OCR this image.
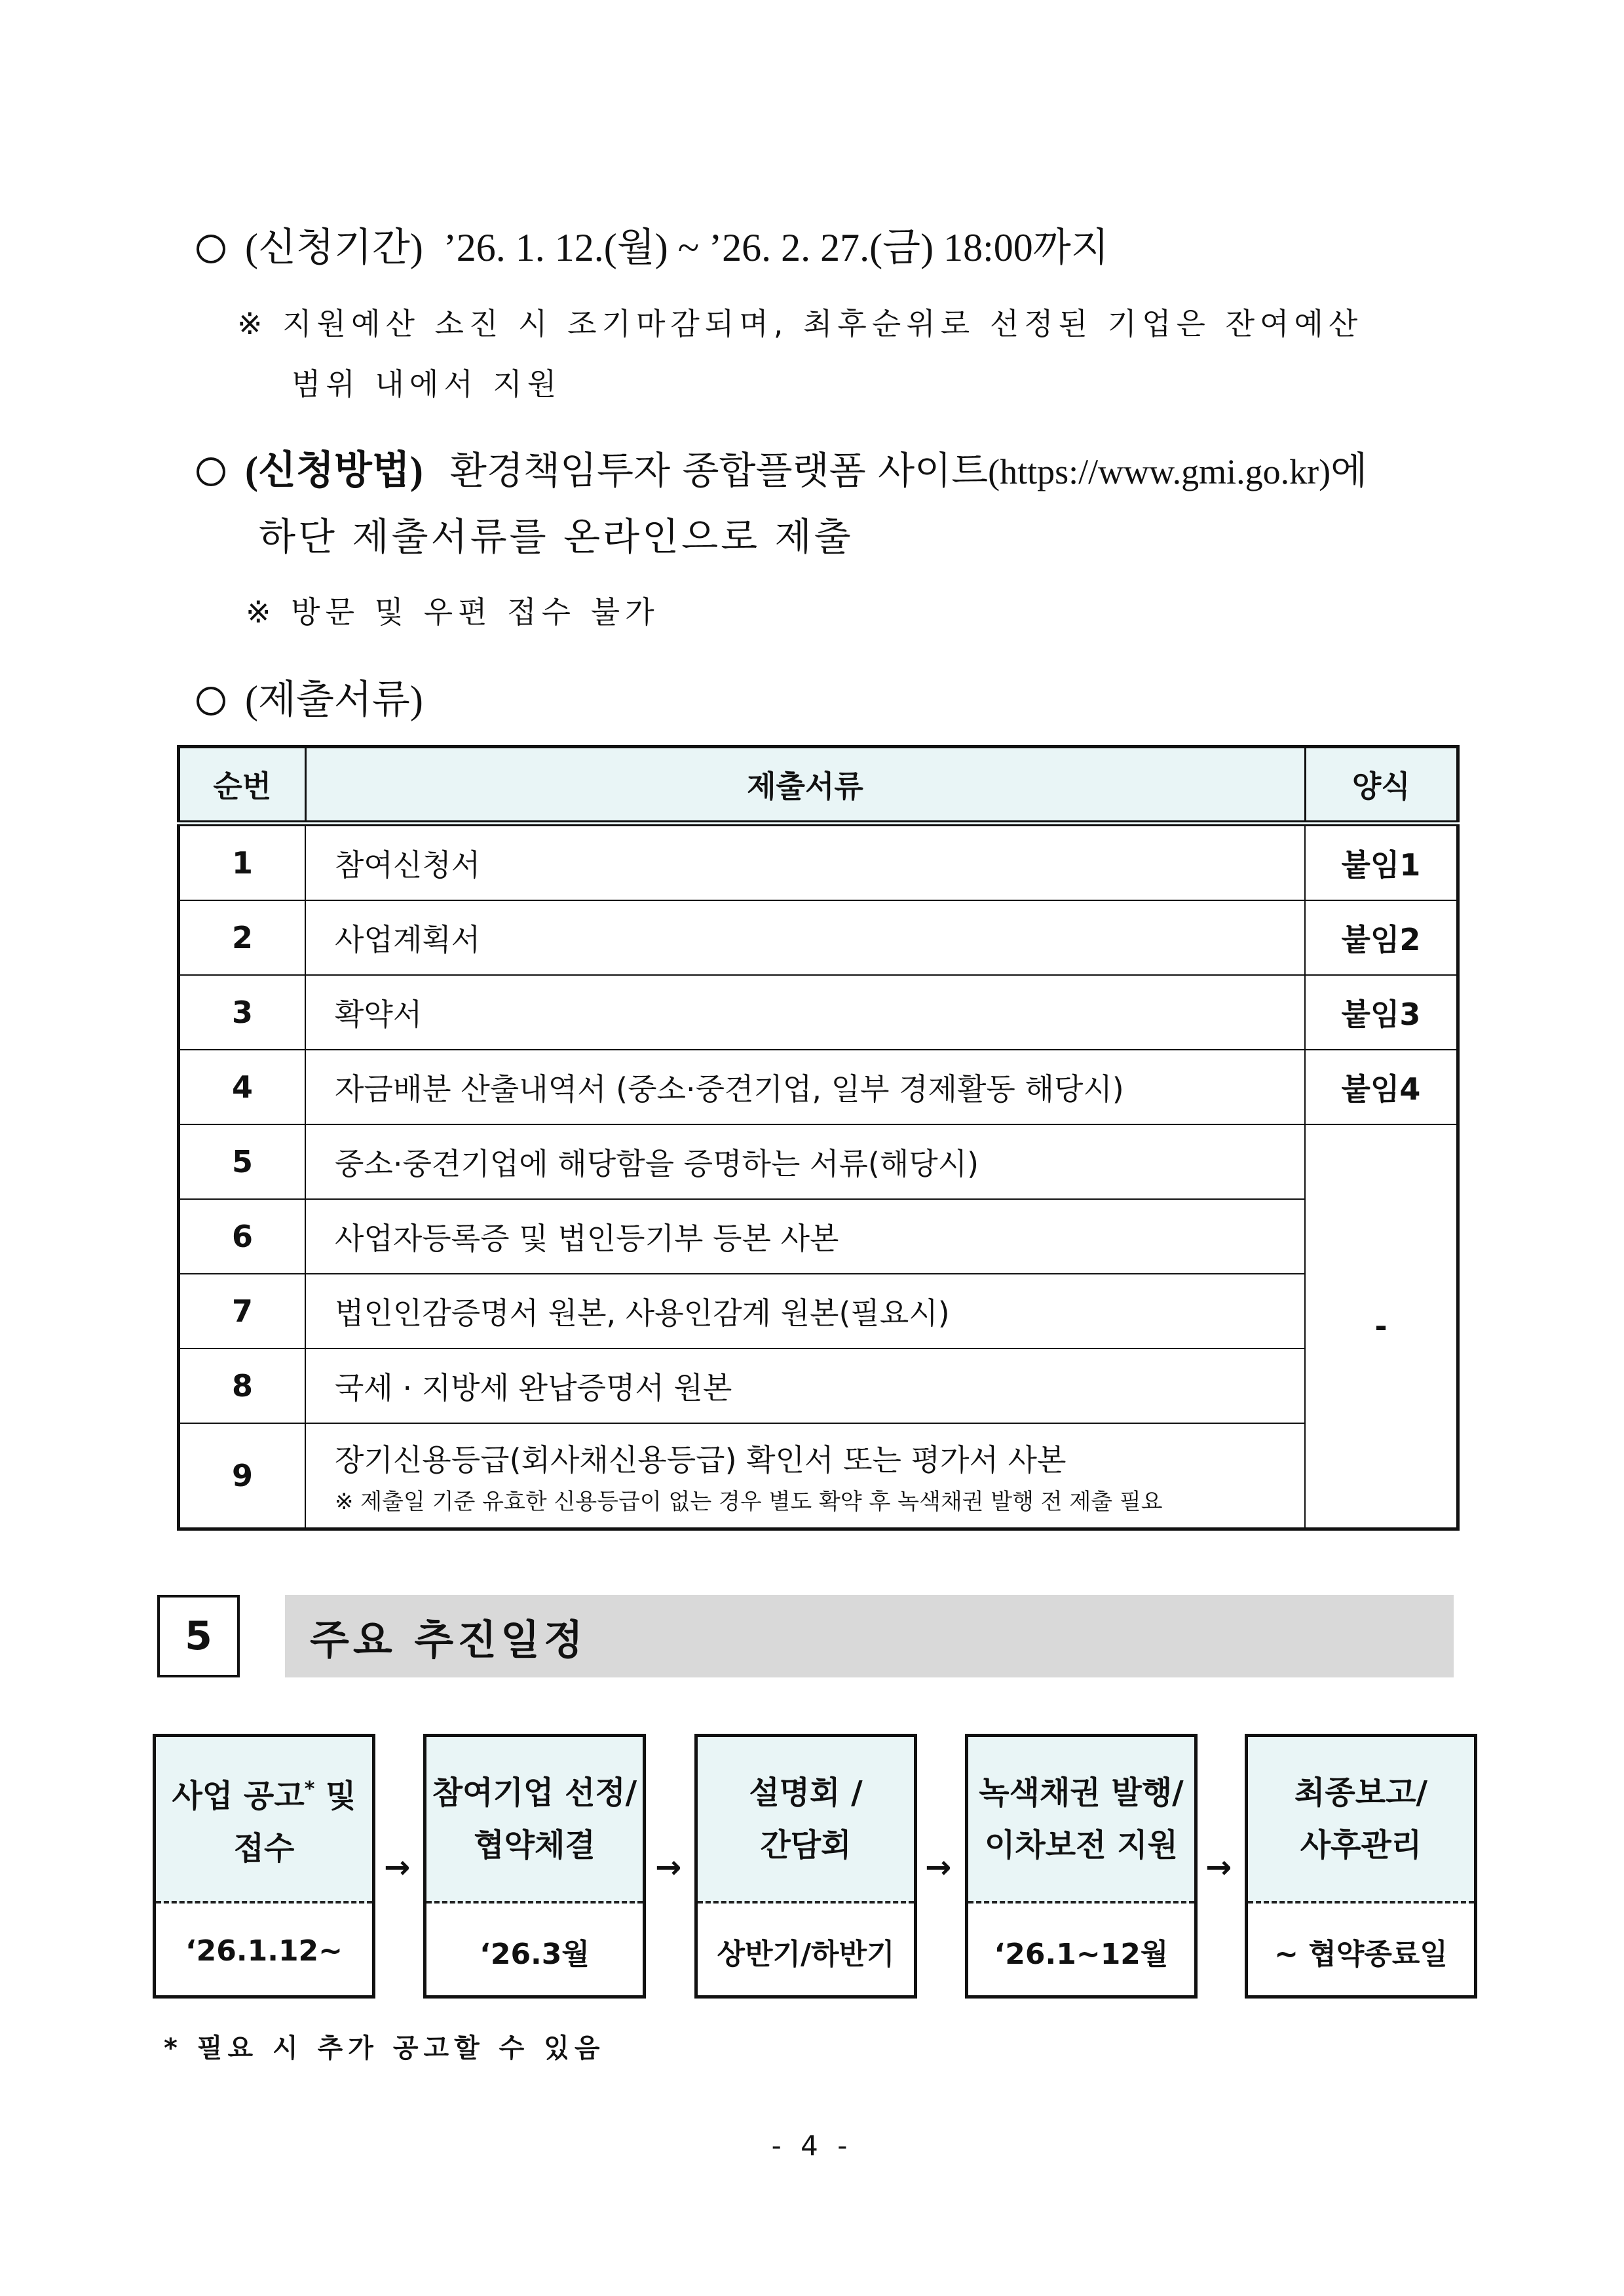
(신청기간) ’26. 1. 12.(월) ~ ’26. 2. 27.(금) 18:00까지
※ 지원예산 소진 시 조기마감되며, 최후순위로 선정된 기업은 잔여예산
범위 내에서 지원
(신청방법) 환경책임투자 종합플랫폼 사이트(https://www.gmi.go.kr)에
하단 제출서류를 온라인으로 제출
※ 방문 및 우편 접수 불가
(제출서류)
순번	제출서류	양식
1	참여신청서	붙임1
2	사업계획서	붙임2
3	확약서	붙임3
4	자금배분 산출내역서 (중소·중견기업, 일부 경제활동 해당시)	붙임4
5	중소·중견기업에 해당함을 증명하는 서류(해당시)	-
6	사업자등록증 및 법인등기부 등본 사본	
7	법인인감증명서 원본, 사용인감계 원본(필요시)	
8	국세 · 지방세 완납증명서 원본	
9	장기신용등급(회사채신용등급) 확인서 또는 평가서 사본
※ 제출일 기준 유효한 신용등급이 없는 경우 별도 확약 후 녹색채권 발행 전 제출 필요	
5	주요 추진일정
사업 공고* 및
접수
‘26.1.12~
→
참여기업 선정/
협약체결
‘26.3월
→
설명회 /
간담회
상반기/하반기
→
녹색채권 발행/
이차보전 지원
‘26.1~12월
→
최종보고/
사후관리
~ 협약종료일
* 필요 시 추가 공고할 수 있음
- 4 -
